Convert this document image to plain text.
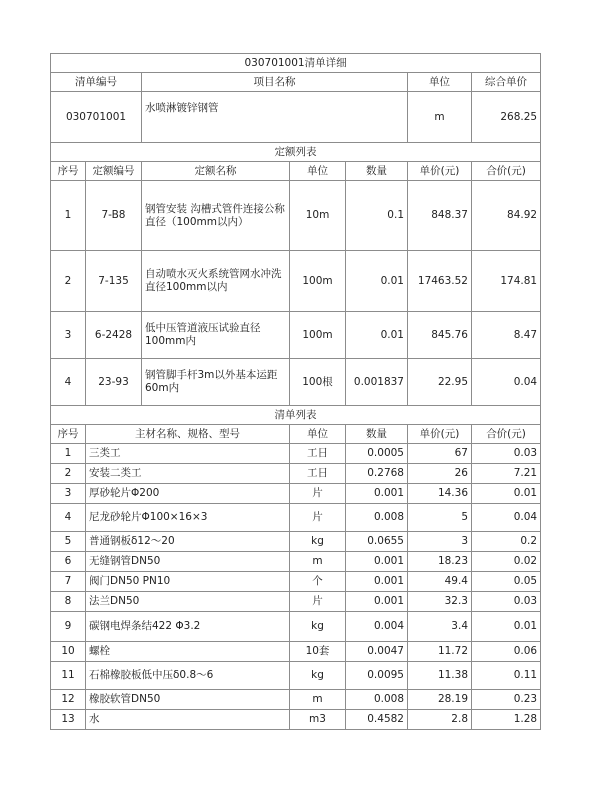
030701001清单详细						
清单编号		项目名称			单位	综合单价
030701001		水喷淋镀锌钢管			m	268.25
定额列表						
序号	定额编号	定额名称	单位	数量	单价(元)	合价(元)
1	7-B8	钢管安装 沟槽式管件连接公称直径（100mm以内）	10m	0.1	848.37	84.92
2	7-135	自动喷水灭火系统管网水冲洗直径100mm以内	100m	0.01	17463.52	174.81
3	6-2428	低中压管道液压试验直径100mm内	100m	0.01	845.76	8.47
4	23-93	钢管脚手杆3m以外基本运距60m内	100根	0.001837	22.95	0.04
清单列表						
序号	主材名称、规格、型号		单位	数量	单价(元)	合价(元)
1	三类工		工日	0.0005	67	0.03
2	安装二类工		工日	0.2768	26	7.21
3	厚砂轮片Φ200		片	0.001	14.36	0.01
4	尼龙砂轮片Φ100×16×3		片	0.008	5	0.04
5	普通钢板δ12～20		kg	0.0655	3	0.2
6	无缝钢管DN50		m	0.001	18.23	0.02
7	阀门DN50 PN10		个	0.001	49.4	0.05
8	法兰DN50		片	0.001	32.3	0.03
9	碳钢电焊条结422 Φ3.2		kg	0.004	3.4	0.01
10	螺栓		10套	0.0047	11.72	0.06
11	石棉橡胶板低中压δ0.8～6		kg	0.0095	11.38	0.11
12	橡胶软管DN50		m	0.008	28.19	0.23
13	水		m3	0.4582	2.8	1.28
